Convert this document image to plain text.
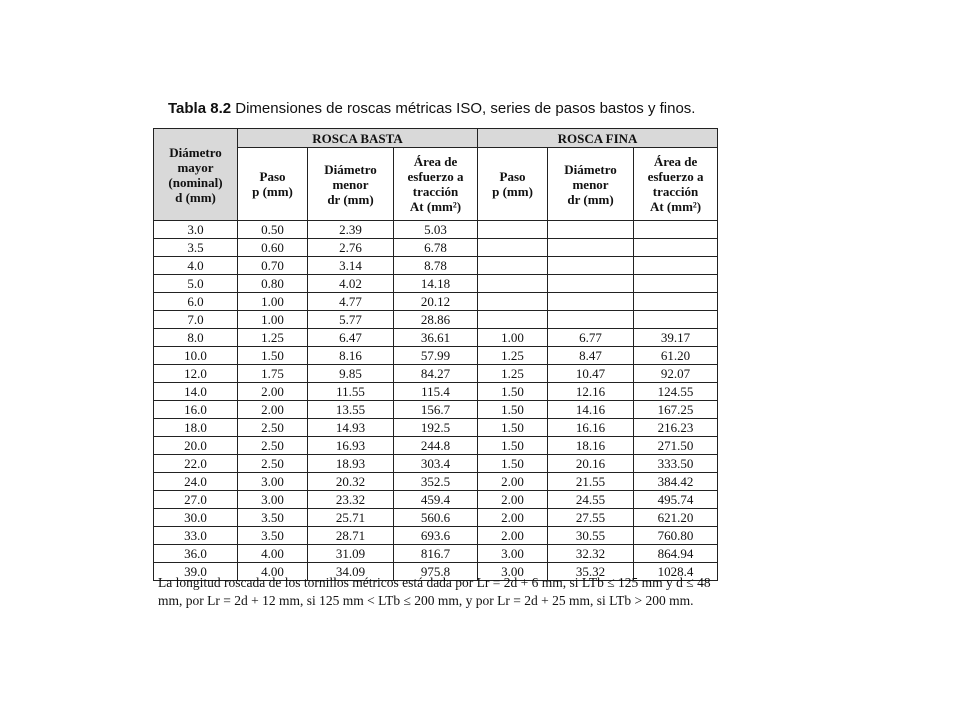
Tabla 8.2 Dimensiones de roscas métricas ISO, series de pasos bastos y finos.
Diámetro
mayor
(nominal)
d (mm)	ROSCA BASTA			ROSCA FINA		
	Paso
p (mm)	Diámetro
menor
dr (mm)	Área de
esfuerzo a
tracción
At (mm²)	Paso
p (mm)	Diámetro
menor
dr (mm)	Área de
esfuerzo a
tracción
At (mm²)
3.0	0.50	2.39	5.03			
3.5	0.60	2.76	6.78			
4.0	0.70	3.14	8.78			
5.0	0.80	4.02	14.18			
6.0	1.00	4.77	20.12			
7.0	1.00	5.77	28.86			
8.0	1.25	6.47	36.61	1.00	6.77	39.17
10.0	1.50	8.16	57.99	1.25	8.47	61.20
12.0	1.75	9.85	84.27	1.25	10.47	92.07
14.0	2.00	11.55	115.4	1.50	12.16	124.55
16.0	2.00	13.55	156.7	1.50	14.16	167.25
18.0	2.50	14.93	192.5	1.50	16.16	216.23
20.0	2.50	16.93	244.8	1.50	18.16	271.50
22.0	2.50	18.93	303.4	1.50	20.16	333.50
24.0	3.00	20.32	352.5	2.00	21.55	384.42
27.0	3.00	23.32	459.4	2.00	24.55	495.74
30.0	3.50	25.71	560.6	2.00	27.55	621.20
33.0	3.50	28.71	693.6	2.00	30.55	760.80
36.0	4.00	31.09	816.7	3.00	32.32	864.94
39.0	4.00	34.09	975.8	3.00	35.32	1028.4
La longitud roscada de los tornillos métricos está dada por Lr = 2d + 6 mm, si LTb ≤ 125 mm y d ≤ 48 mm, por Lr = 2d + 12 mm, si 125 mm < LTb ≤ 200 mm, y por Lr = 2d + 25 mm, si LTb > 200 mm.
